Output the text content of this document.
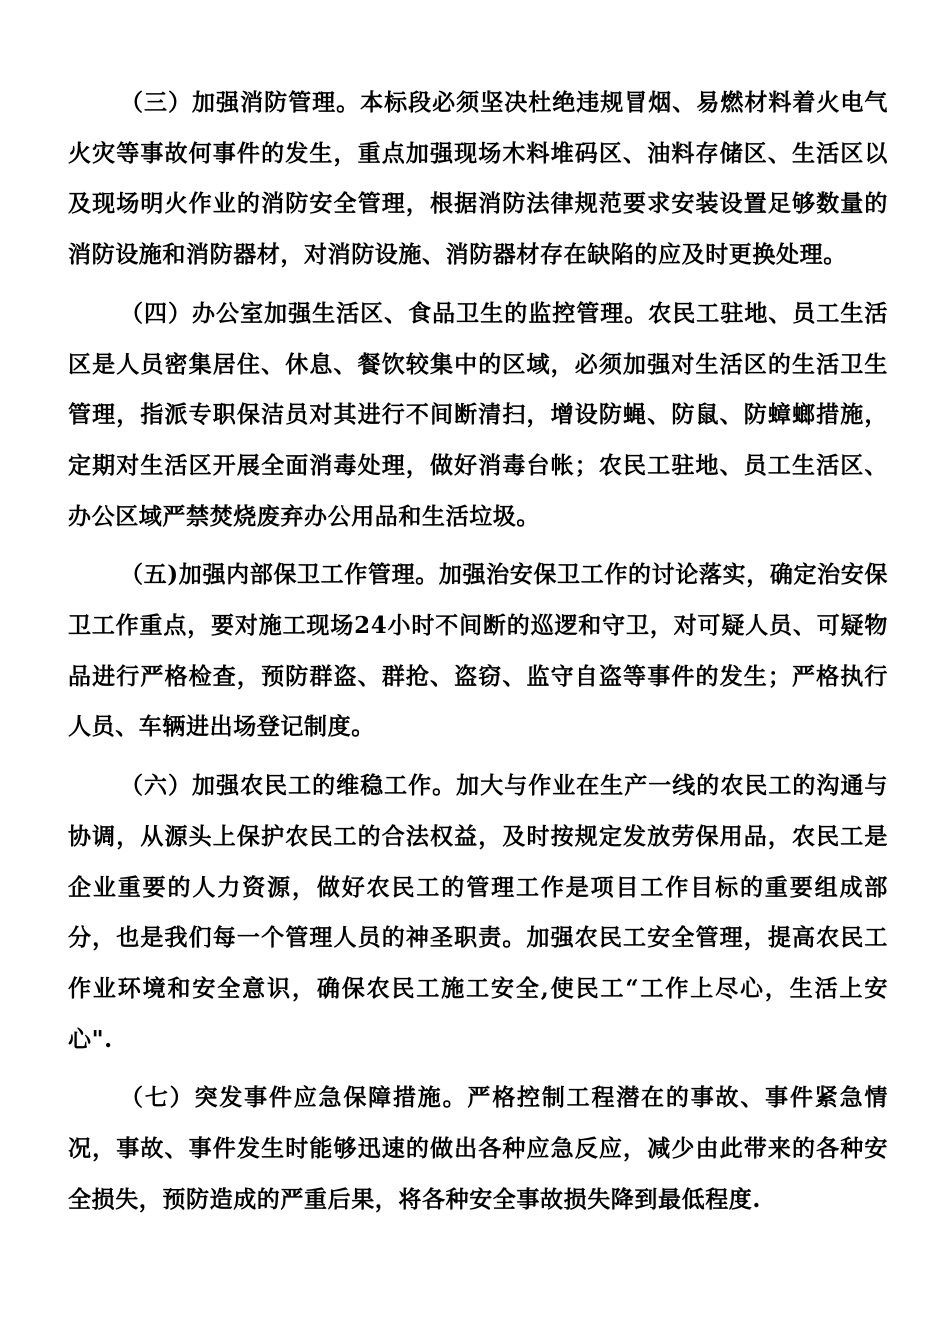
（三）加强消防管理。本标段必须坚决杜绝违规冒烟、易燃材料着火电气火灾等事故何事件的发生，重点加强现场木料堆码区、油料存储区、生活区以及现场明火作业的消防安全管理，根据消防法律规范要求安装设置足够数量的消防设施和消防器材，对消防设施、消防器材存在缺陷的应及时更换处理。

（四）办公室加强生活区、食品卫生的监控管理。农民工驻地、员工生活区是人员密集居住、休息、餐饮较集中的区域，必须加强对生活区的生活卫生管理，指派专职保洁员对其进行不间断清扫，增设防蝇、防鼠、防蟑螂措施，定期对生活区开展全面消毒处理，做好消毒台帐；农民工驻地、员工生活区、办公区域严禁焚烧废弃办公用品和生活垃圾。

（五)加强内部保卫工作管理。加强治安保卫工作的讨论落实，确定治安保卫工作重点，要对施工现场24小时不间断的巡逻和守卫，对可疑人员、可疑物品进行严格检查，预防群盗、群抢、盗窃、监守自盗等事件的发生；严格执行人员、车辆进出场登记制度。

（六）加强农民工的维稳工作。加大与作业在生产一线的农民工的沟通与协调，从源头上保护农民工的合法权益，及时按规定发放劳保用品，农民工是企业重要的人力资源，做好农民工的管理工作是项目工作目标的重要组成部分，也是我们每一个管理人员的神圣职责。加强农民工安全管理，提高农民工作业环境和安全意识，确保农民工施工安全,使民工“工作上尽心，生活上安心".

（七）突发事件应急保障措施。严格控制工程潜在的事故、事件紧急情况，事故、事件发生时能够迅速的做出各种应急反应，减少由此带来的各种安全损失，预防造成的严重后果，将各种安全事故损失降到最低程度.
